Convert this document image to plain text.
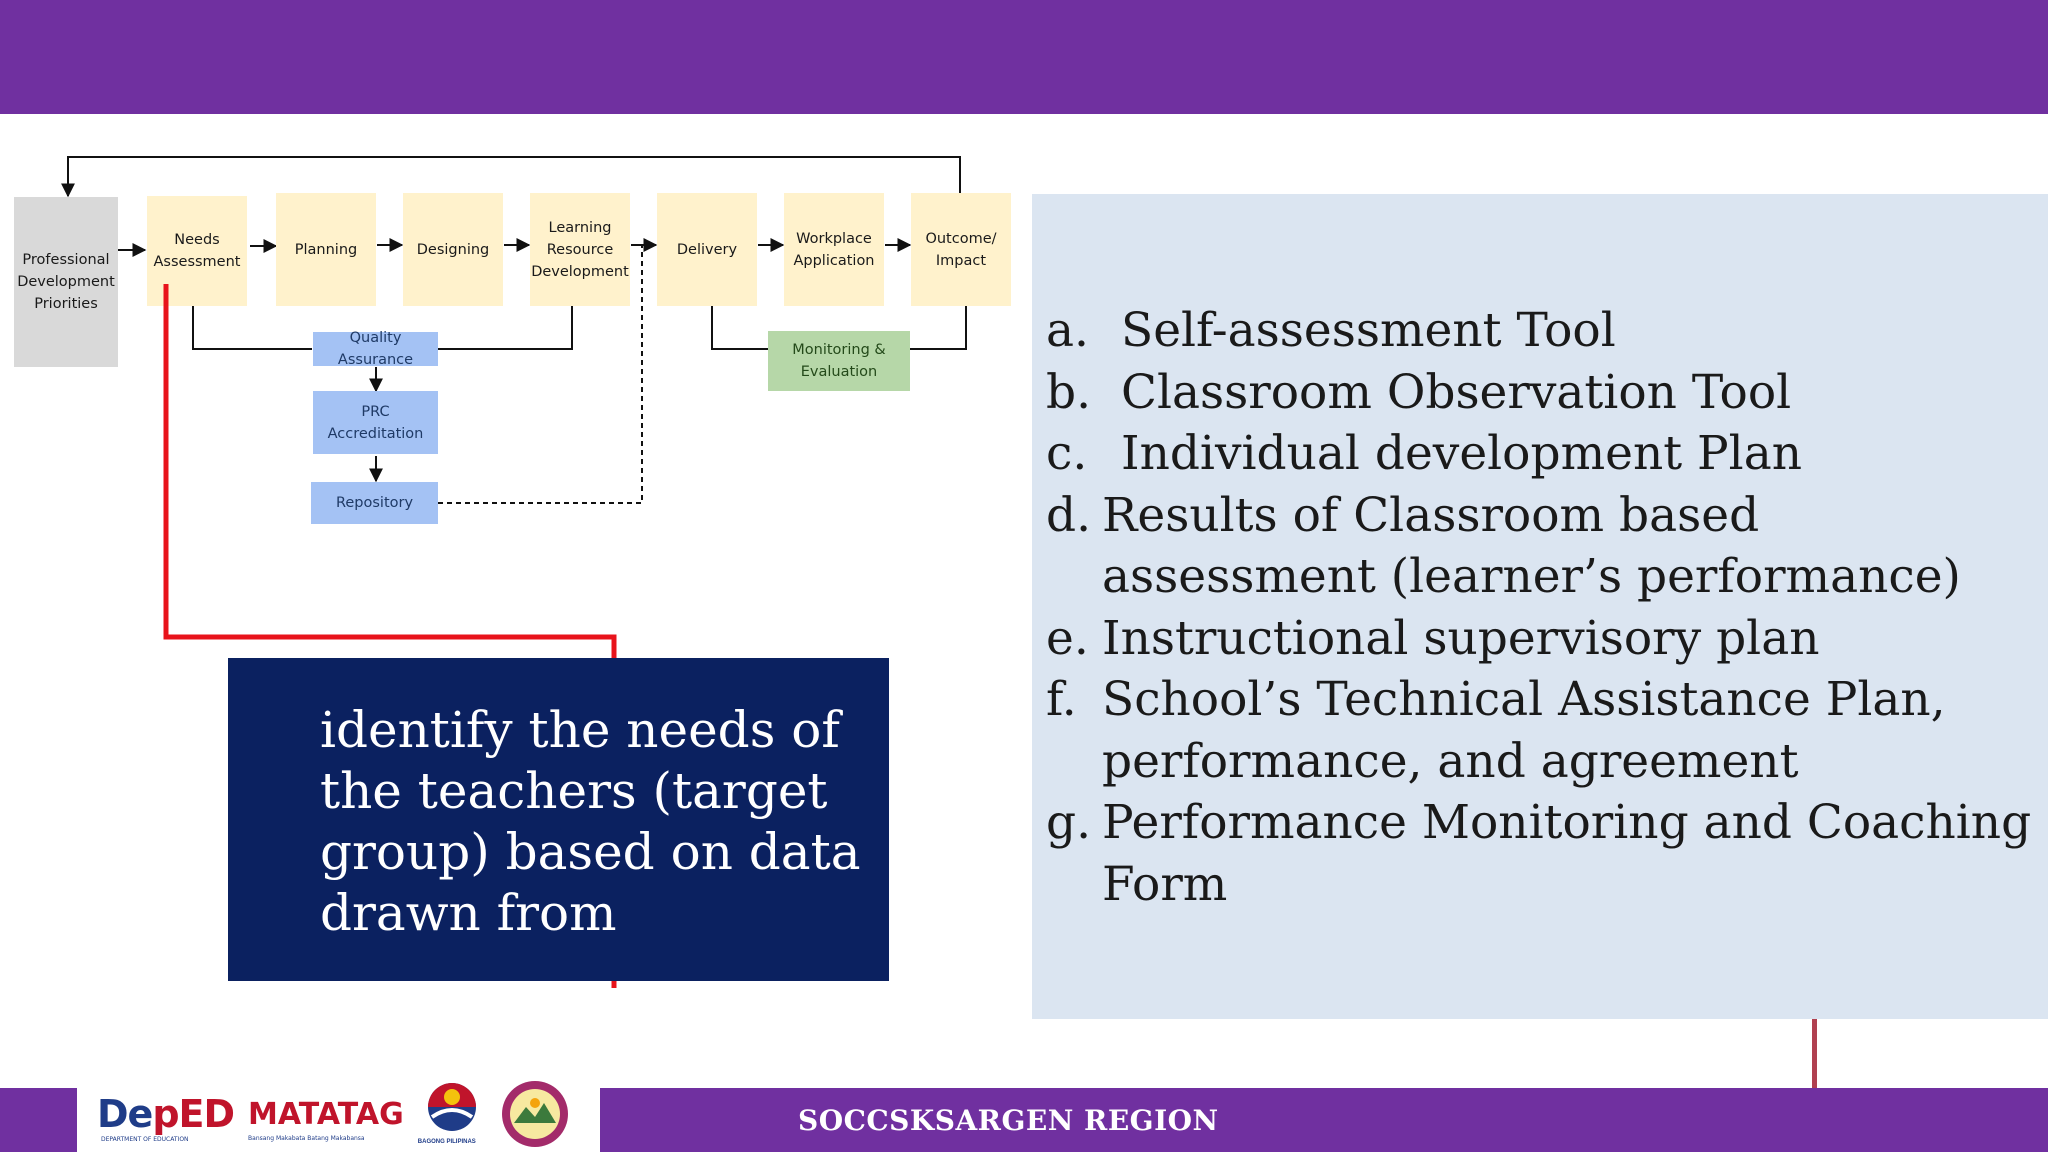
Professional
Development
Priorities
Needs
Assessment
Planning	Designing
Learning
Resource
Development
Delivery
Workplace
Application
Outcome/
Impact
Quality Assurance
PRC
Accreditation
Repository
Monitoring &
Evaluation
identify the needs of the teachers (target group) based on data drawn from
a. Self-assessment Tool
b. Classroom Observation Tool
c. Individual development Plan
d. Results of Classroom based assessment (learner’s performance)
e. Instructional supervisory plan
f. School’s Technical Assistance Plan, performance, and agreement
g. Performance Monitoring and Coaching Form
DepED
DEPARTMENT OF EDUCATION
MATATAG
Bansang Makabata Batang Makabansa
BAGONG PILIPINAS
SOCCSKSARGEN REGION
